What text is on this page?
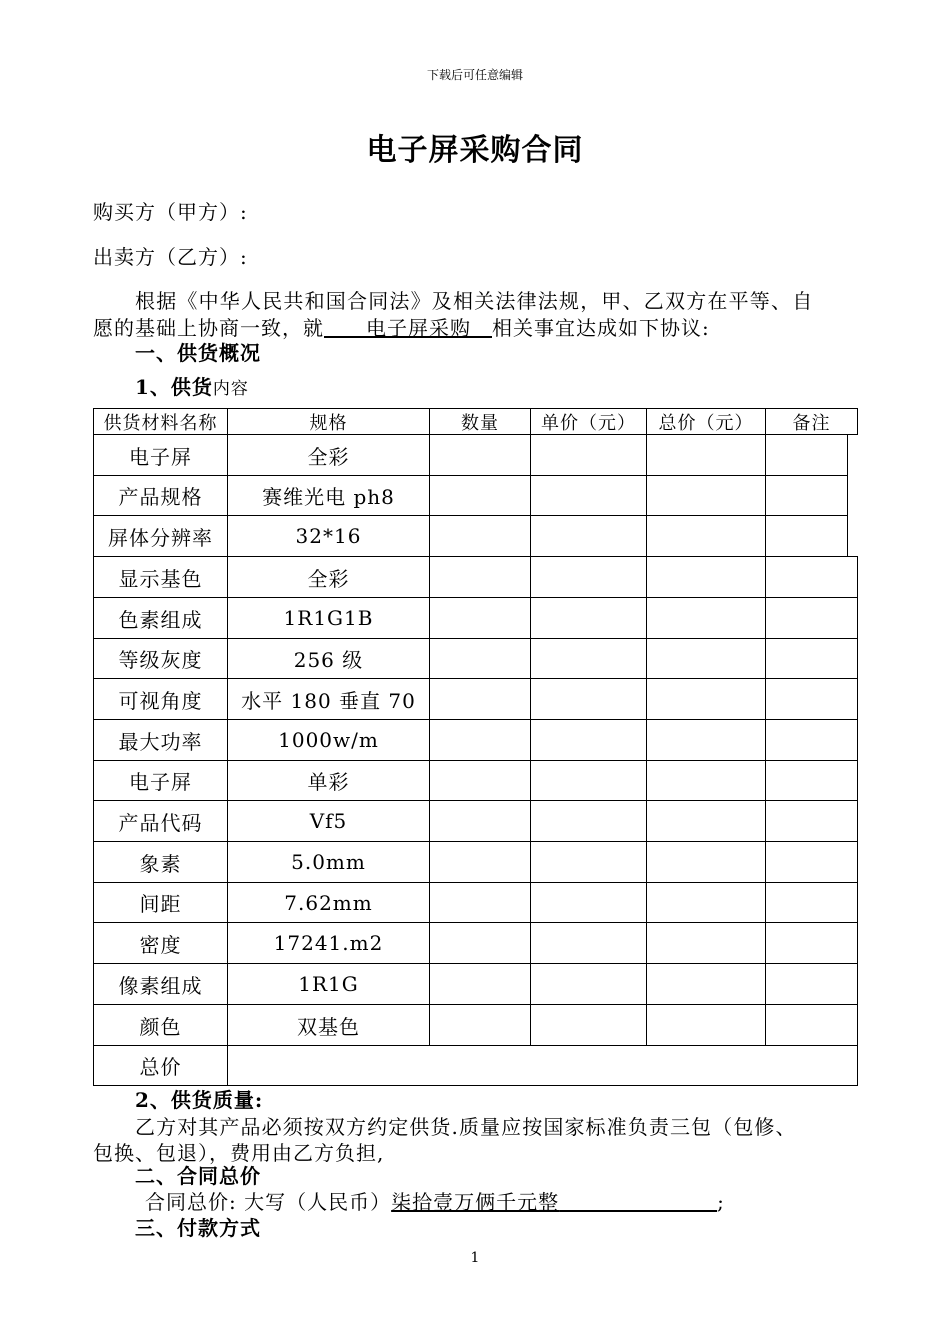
下载后可任意编辑
电子屏采购合同
购买方（甲方）:
出卖方（乙方）:
根据《中华人民共和国合同法》及相关法律法规，甲、乙双方在平等、自
愿的基础上协商一致，就   电子屏采购  相关事宜达成如下协议:
一、供货概况
1、供货内容
供货材料名称	规格	数量	单价（元）	总价（元）	备注
电子屏	全彩
产品规格	赛维光电 ph8
屏体分辨率	32*16
显示基色	全彩
色素组成	1R1G1B
等级灰度	256 级
可视角度	水平 180 垂直 70
最大功率	1000w/m
电子屏	单彩
产品代码	Vf5
象素	5.0mm
间距	7.62mm
密度	17241.m2
像素组成	1R1G
颜色	双基色
总价
2、供货质量:
乙方对其产品必须按双方约定供货.质量应按国家标准负责三包（包修、
包换、包退），费用由乙方负担,
二、合同总价
合同总价: 大写（人民币）柒拾壹万俩千元整        	;
三、付款方式
1
